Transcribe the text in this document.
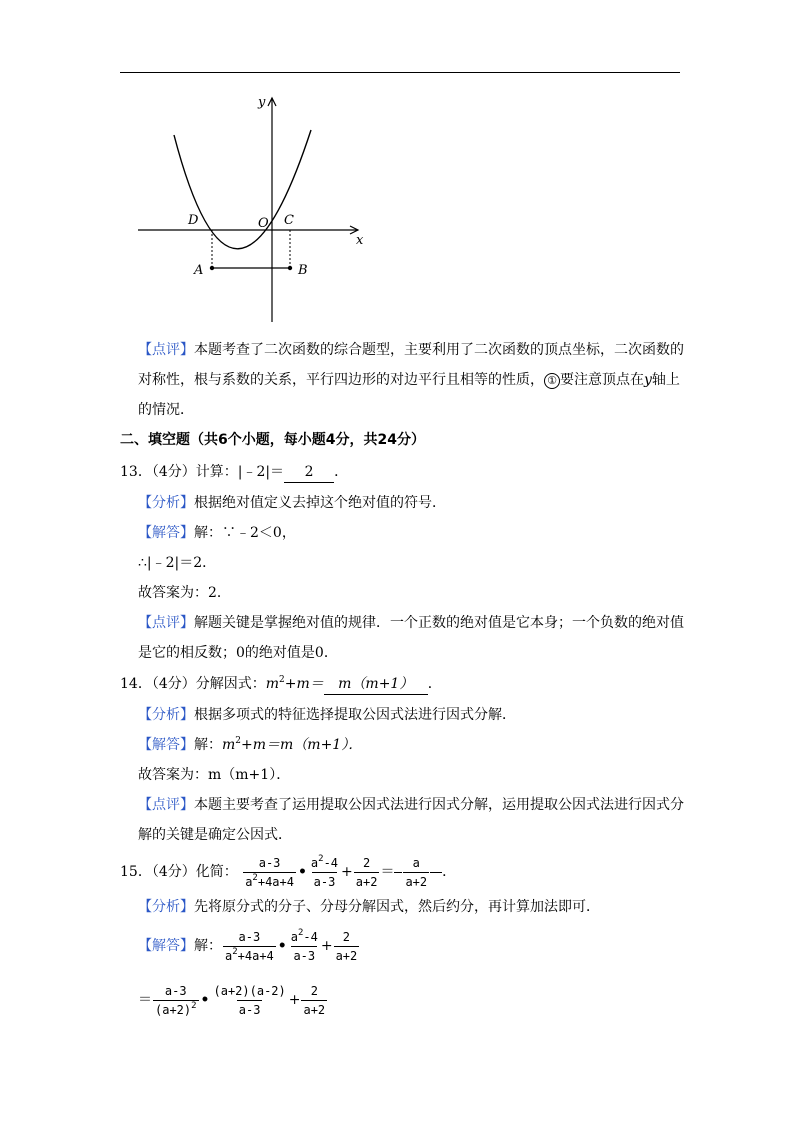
y
x
O
D	C
A	B
【点评】本题考查了二次函数的综合题型，主要利用了二次函数的顶点坐标，二次函数的
对称性，根与系数的关系，平行四边形的对边平行且相等的性质， ① 要注意顶点在y轴上
的情况．
二、填空题（共6个小题，每小题4分，共24分）
13．（4分）计算：|﹣2|＝ 2 ．
【分析】根据绝对值定义去掉这个绝对值的符号．
【解答】解：∵﹣2＜0，
∴|﹣2|＝2．
故答案为：2．
【点评】解题关键是掌握绝对值的规律．一个正数的绝对值是它本身；一个负数的绝对值
是它的相反数；0的绝对值是0．
14．（4分）分解因式：$m^2+m= m(m+1)$ ．
【分析】根据多项式的特征选择提取公因式法进行因式分解．
【解答】解：$m^2+m=m(m+1)$．
故答案为：m（m+1）．
【点评】本题主要考查了运用提取公因式法进行因式分解，运用提取公因式法进行因式分
解的关键是确定公因式．
15．（4分）化简： $\frac{a-3}{a^2+4a+4}$ • $\frac{a^2-4}{a-3} + \frac{2}{a+2} = \frac{a}{a+2}$ ．
【分析】先将原分式的分子、分母分解因式，然后约分，再计算加法即可．
【解答】解： $\frac{a-3}{a^2+4a+4}$ • $\frac{a^2-4}{a-3} + \frac{2}{a+2}$
＝ $\frac{a-3}{(a+2)^2}$ • $\frac{(a+2)(a-2)}{a-3} + \frac{2}{a+2}$
